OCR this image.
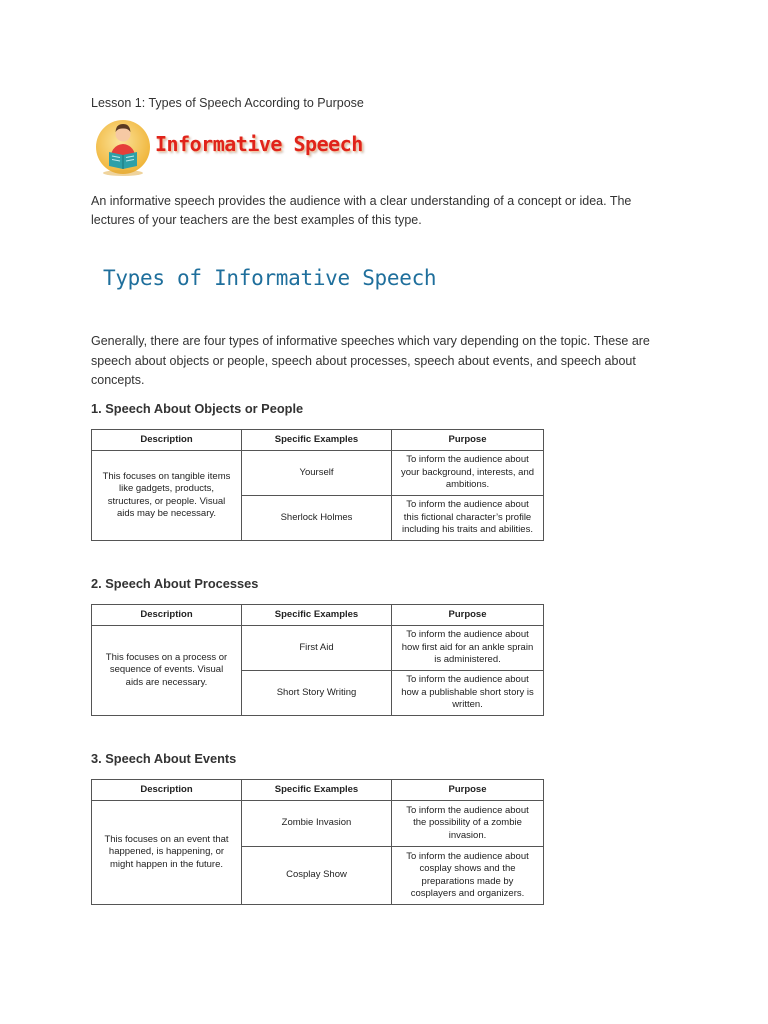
Lesson 1: Types of Speech According to Purpose
Informative Speech
An informative speech provides the audience with a clear understanding of a concept or idea. The lectures of your teachers are the best examples of this type.
Types of Informative Speech
Generally, there are four types of informative speeches which vary depending on the topic. These are speech about objects or people, speech about processes, speech about events, and speech about concepts.
1. Speech About Objects or People
Description	Specific Examples	Purpose
This focuses on tangible items like gadgets, products, structures, or people. Visual aids may be necessary.	Yourself	To inform the audience about your background, interests, and ambitions.
	Sherlock Holmes	To inform the audience about this fictional character’s profile including his traits and abilities.
2. Speech About Processes
Description	Specific Examples	Purpose
This focuses on a process or sequence of events. Visual aids are necessary.	First Aid	To inform the audience about how first aid for an ankle sprain is administered.
	Short Story Writing	To inform the audience about how a publishable short story is written.
3. Speech About Events
Description	Specific Examples	Purpose
This focuses on an event that happened, is happening, or might happen in the future.	Zombie Invasion	To inform the audience about the possibility of a zombie invasion.
	Cosplay Show	To inform the audience about cosplay shows and the preparations made by cosplayers and organizers.
